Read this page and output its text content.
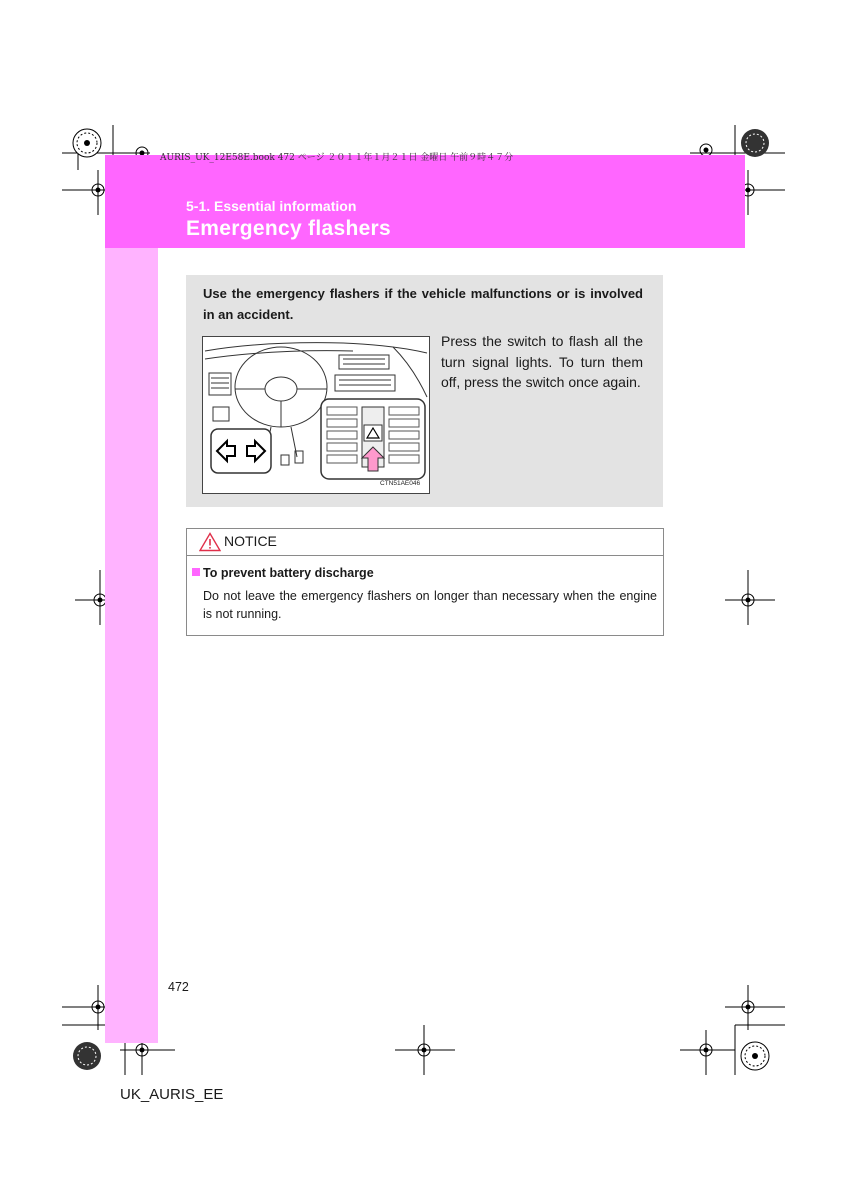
AURIS_UK_12E58E.book 472 ページ ２０１１年１月２１日 金曜日 午前９時４７分
5-1. Essential information
Emergency flashers
Use the emergency flashers if the vehicle malfunctions or is involved in an accident.
CTN51AE046
Press the switch to flash all the turn signal lights. To turn them off, press the switch once again.
NOTICE
To prevent battery discharge
Do not leave the emergency flashers on longer than necessary when the engine is not running.
472
UK_AURIS_EE
